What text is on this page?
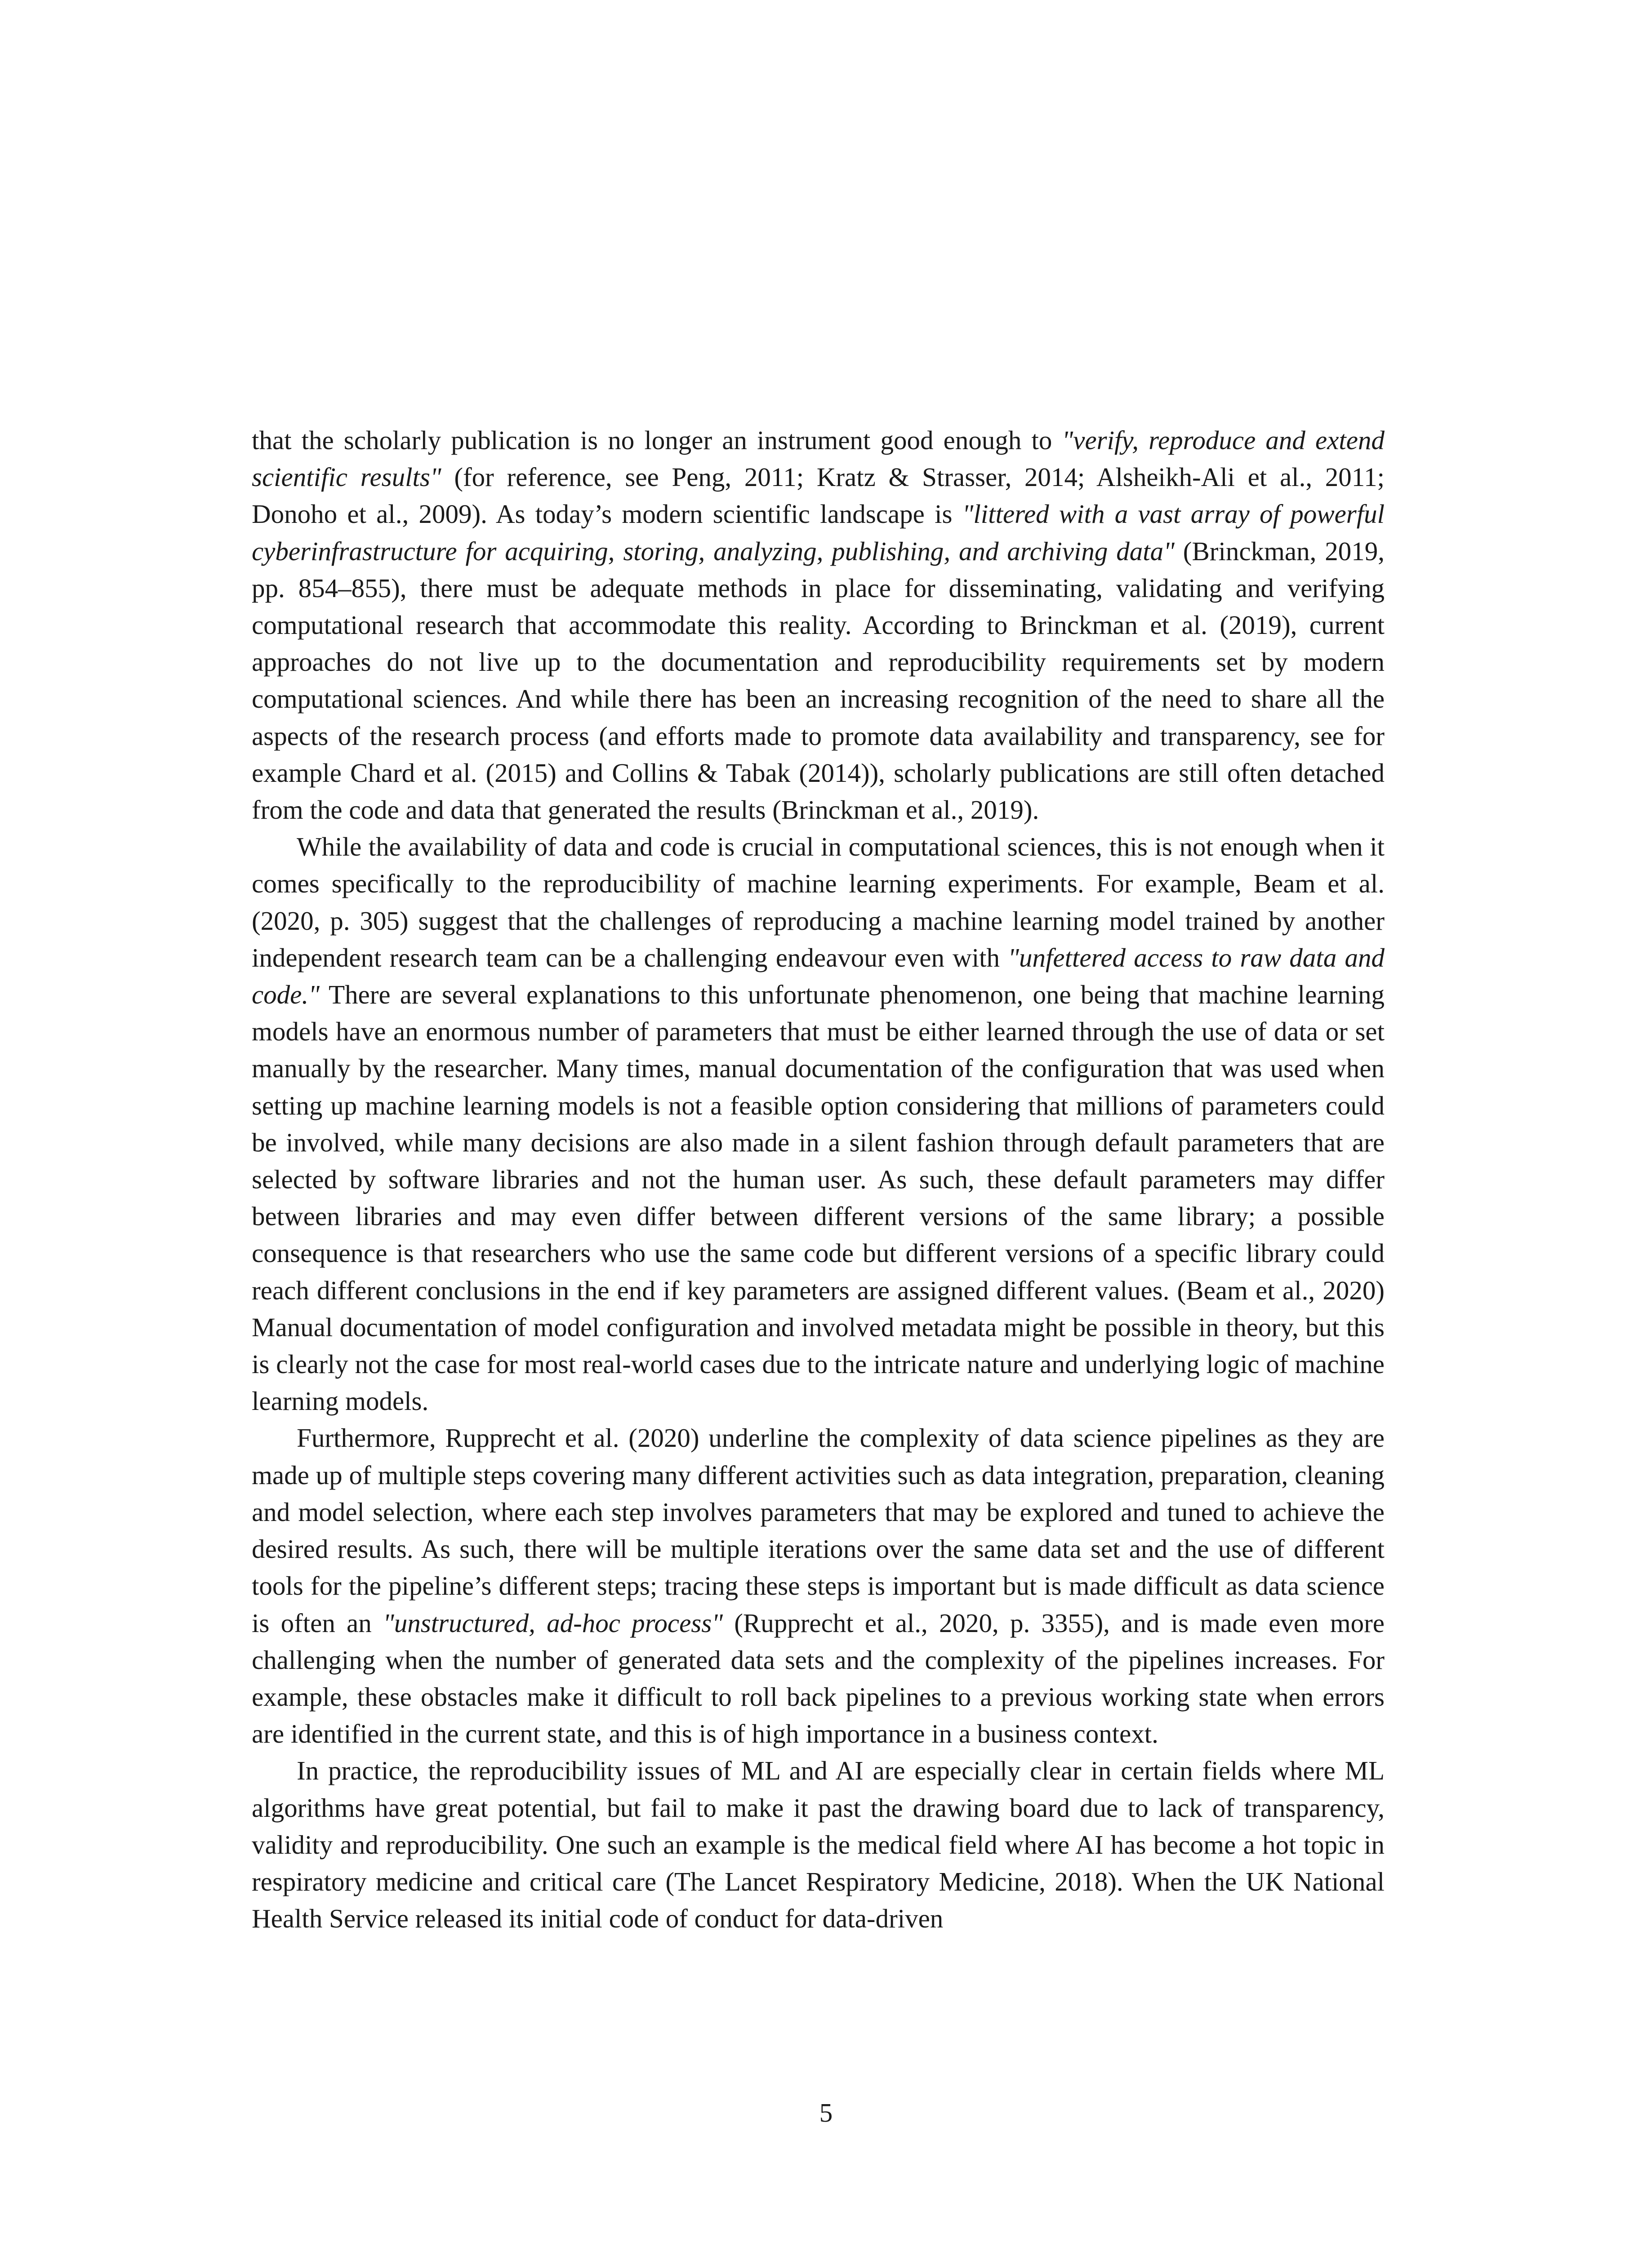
that the scholarly publication is no longer an instrument good enough to "verify, reproduce and extend scientific results" (for reference, see Peng, 2011; Kratz & Strasser, 2014; Alsheikh-Ali et al., 2011; Donoho et al., 2009). As today’s modern scientific landscape is "littered with a vast array of powerful cyberinfrastructure for acquiring, storing, analyzing, publishing, and archiving data" (Brinckman, 2019, pp. 854–855), there must be adequate methods in place for disseminating, validating and verifying computational research that accommodate this reality. According to Brinckman et al. (2019), current approaches do not live up to the documentation and reproducibility requirements set by modern computational sciences. And while there has been an increasing recognition of the need to share all the aspects of the research process (and efforts made to promote data availability and transparency, see for example Chard et al. (2015) and Collins & Tabak (2014)), scholarly publications are still often detached from the code and data that generated the results (Brinckman et al., 2019).

While the availability of data and code is crucial in computational sciences, this is not enough when it comes specifically to the reproducibility of machine learning experiments. For example, Beam et al. (2020, p. 305) suggest that the challenges of reproducing a machine learning model trained by another independent research team can be a challenging endeavour even with "unfettered access to raw data and code." There are several explanations to this unfortunate phenomenon, one being that machine learning models have an enormous number of parameters that must be either learned through the use of data or set manually by the researcher. Many times, manual documentation of the configuration that was used when setting up machine learning models is not a feasible option considering that millions of parameters could be involved, while many decisions are also made in a silent fashion through default parameters that are selected by software libraries and not the human user. As such, these default parameters may differ between libraries and may even differ between different versions of the same library; a possible consequence is that researchers who use the same code but different versions of a specific library could reach different conclusions in the end if key parameters are assigned different values. (Beam et al., 2020) Manual documentation of model configuration and involved metadata might be possible in theory, but this is clearly not the case for most real-world cases due to the intricate nature and underlying logic of machine learning models.

Furthermore, Rupprecht et al. (2020) underline the complexity of data science pipelines as they are made up of multiple steps covering many different activities such as data integration, preparation, cleaning and model selection, where each step involves parameters that may be explored and tuned to achieve the desired results. As such, there will be multiple iterations over the same data set and the use of different tools for the pipeline’s different steps; tracing these steps is important but is made difficult as data science is often an "unstructured, ad-hoc process" (Rupprecht et al., 2020, p. 3355), and is made even more challenging when the number of generated data sets and the complexity of the pipelines increases. For example, these obstacles make it difficult to roll back pipelines to a previous working state when errors are identified in the current state, and this is of high importance in a business context.

In practice, the reproducibility issues of ML and AI are especially clear in certain fields where ML algorithms have great potential, but fail to make it past the drawing board due to lack of transparency, validity and reproducibility. One such an example is the medical field where AI has become a hot topic in respiratory medicine and critical care (The Lancet Respiratory Medicine, 2018). When the UK National Health Service released its initial code of conduct for data-driven

5
